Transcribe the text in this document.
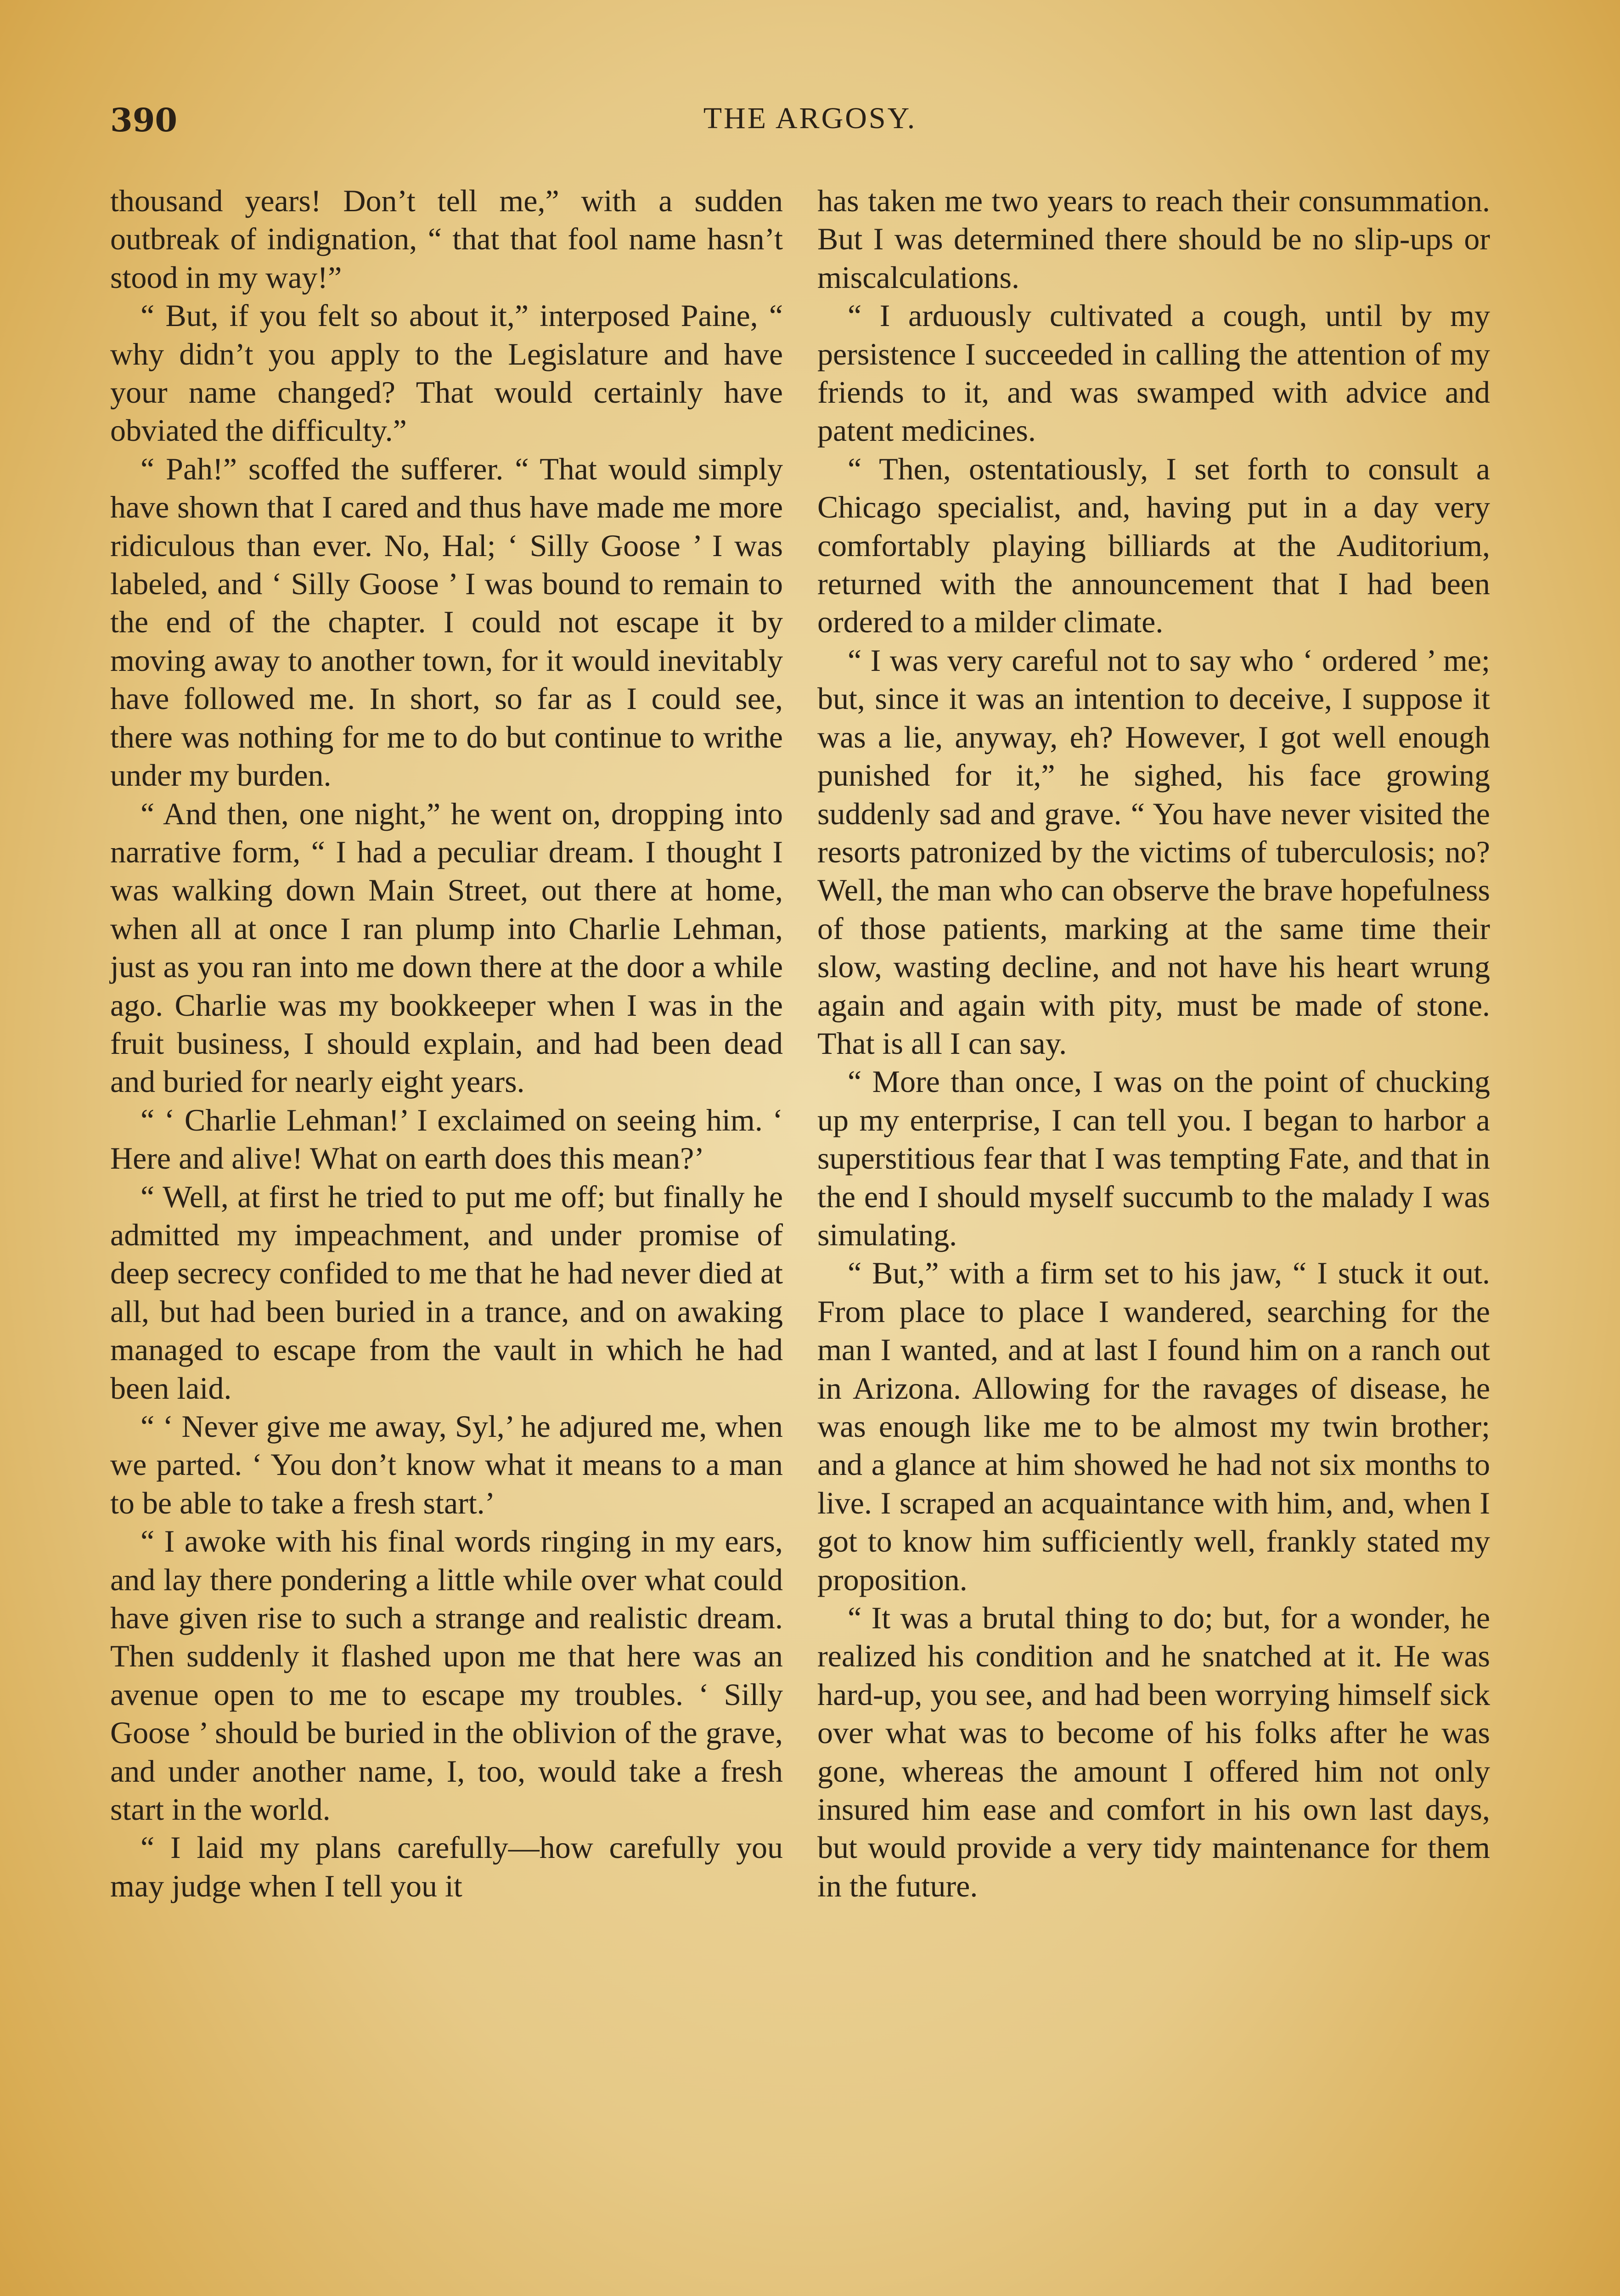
390	THE ARGOSY.

thousand years! Don’t tell me,” with a sudden outbreak of indignation, “ that that fool name hasn’t stood in my way!”

“ But, if you felt so about it,” interposed Paine, “ why didn’t you apply to the Legislature and have your name changed? That would certainly have obviated the difficulty.”

“ Pah!” scoffed the sufferer. “ That would simply have shown that I cared and thus have made me more ridiculous than ever. No, Hal; ‘ Silly Goose ’ I was labeled, and ‘ Silly Goose ’ I was bound to remain to the end of the chapter. I could not escape it by moving away to another town, for it would inevitably have followed me. In short, so far as I could see, there was nothing for me to do but continue to writhe under my burden.

“ And then, one night,” he went on, dropping into narrative form, “ I had a peculiar dream. I thought I was walking down Main Street, out there at home, when all at once I ran plump into Charlie Lehman, just as you ran into me down there at the door a while ago. Charlie was my bookkeeper when I was in the fruit business, I should explain, and had been dead and buried for nearly eight years.

“ ‘ Charlie Lehman!’ I exclaimed on seeing him. ‘ Here and alive! What on earth does this mean?’

“ Well, at first he tried to put me off; but finally he admitted my impeachment, and under promise of deep secrecy confided to me that he had never died at all, but had been buried in a trance, and on awaking managed to escape from the vault in which he had been laid.

“ ‘ Never give me away, Syl,’ he adjured me, when we parted. ‘ You don’t know what it means to a man to be able to take a fresh start.’

“ I awoke with his final words ringing in my ears, and lay there pondering a little while over what could have given rise to such a strange and realistic dream. Then suddenly it flashed upon me that here was an avenue open to me to escape my troubles. ‘ Silly Goose ’ should be buried in the oblivion of the grave, and under another name, I, too, would take a fresh start in the world.

“ I laid my plans carefully—how carefully you may judge when I tell you it

has taken me two years to reach their consummation. But I was determined there should be no slip-ups or miscalculations.

“ I arduously cultivated a cough, until by my persistence I succeeded in calling the attention of my friends to it, and was swamped with advice and patent medicines.

“ Then, ostentatiously, I set forth to consult a Chicago specialist, and, having put in a day very comfortably playing billiards at the Auditorium, returned with the announcement that I had been ordered to a milder climate.

“ I was very careful not to say who ‘ ordered ’ me; but, since it was an intention to deceive, I suppose it was a lie, anyway, eh? However, I got well enough punished for it,” he sighed, his face growing suddenly sad and grave. “ You have never visited the resorts patronized by the victims of tuberculosis; no? Well, the man who can observe the brave hopefulness of those patients, marking at the same time their slow, wasting decline, and not have his heart wrung again and again with pity, must be made of stone. That is all I can say.

“ More than once, I was on the point of chucking up my enterprise, I can tell you. I began to harbor a superstitious fear that I was tempting Fate, and that in the end I should myself succumb to the malady I was simulating.

“ But,” with a firm set to his jaw, “ I stuck it out. From place to place I wandered, searching for the man I wanted, and at last I found him on a ranch out in Arizona. Allowing for the ravages of disease, he was enough like me to be almost my twin brother; and a glance at him showed he had not six months to live. I scraped an acquaintance with him, and, when I got to know him sufficiently well, frankly stated my proposition.

“ It was a brutal thing to do; but, for a wonder, he realized his condition and he snatched at it. He was hard-up, you see, and had been worrying himself sick over what was to become of his folks after he was gone, whereas the amount I offered him not only insured him ease and comfort in his own last days, but would provide a very tidy maintenance for them in the future.
